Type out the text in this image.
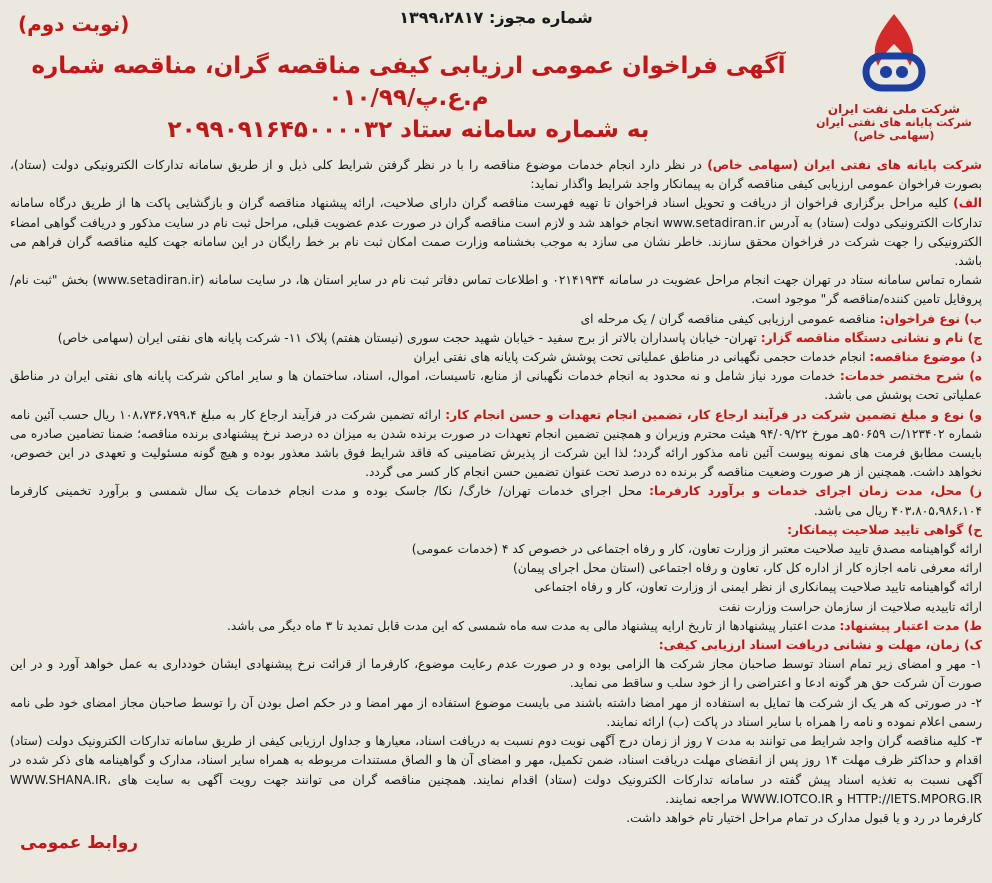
شماره مجوز: ۱۳۹۹،۲۸۱۷
(نوبت دوم)
شرکت ملی نفت ایران
شرکت پایانه های نفتی ایران (سهامی خاص)
آگهی فراخوان عمومی ارزیابی کیفی مناقصه گران، مناقصه شماره م.ع.پ/۰۱۰/۹۹
به شماره سامانه ستاد ۲۰۹۹۰۹۱۶۴۵۰۰۰۰۳۲

شرکت پایانه های نفتی ایران (سهامی خاص) در نظر دارد انجام خدمات موضوع مناقصه را با در نظر گرفتن شرایط کلی ذیل و از طریق سامانه تدارکات الکترونیکی دولت (ستاد)، بصورت فراخوان عمومی ارزیابی کیفی مناقصه گران به پیمانکار واجد شرایط واگذار نماید:

الف) کلیه مراحل برگزاری فراخوان از دریافت و تحویل اسناد فراخوان تا تهیه فهرست مناقصه گران دارای صلاحیت، ارائه پیشنهاد مناقصه گران و بازگشایی پاکت ها از طریق درگاه سامانه تدارکات الکترونیکی دولت (ستاد) به آدرس www.setadiran.ir انجام خواهد شد و لازم است مناقصه گران در صورت عدم عضویت قبلی، مراحل ثبت نام در سایت مذکور و دریافت گواهی امضاء الکترونیکی را جهت شرکت در فراخوان محقق سازند. خاطر نشان می سازد به موجب بخشنامه وزارت صمت امکان ثبت نام بر خط رایگان در این سامانه جهت کلیه مناقصه گران فراهم می باشد.

شماره تماس سامانه ستاد در تهران جهت انجام مراحل عضویت در سامانه ۰۲۱۴۱۹۳۴ و اطلاعات تماس دفاتر ثبت نام در سایر استان ها، در سایت سامانه (www.setadiran.ir) بخش "ثبت نام/ پروفایل تامین کننده/مناقصه گر" موجود است.

ب) نوع فراخوان: مناقصه عمومی ارزیابی کیفی مناقصه گران / یک مرحله ای

ج) نام و نشانی دستگاه مناقصه گزار: تهران- خیابان پاسداران بالاتر از برج سفید - خیابان شهید حجت سوری (نیستان هفتم) پلاک ۱۱- شرکت پایانه های نفتی ایران (سهامی خاص)

د) موضوع مناقصه: انجام خدمات حجمی نگهبانی در مناطق عملیاتی تحت پوشش شرکت پایانه های نفتی ایران

ه) شرح مختصر خدمات: خدمات مورد نیاز شامل و نه محدود به انجام خدمات نگهبانی از منابع، تاسیسات، اموال، اسناد، ساختمان ها و سایر اماکن شرکت پایانه های نفتی ایران در مناطق عملیاتی تحت پوشش می باشد.

و) نوع و مبلغ تضمین شرکت در فرآیند ارجاع کار، تضمین انجام تعهدات و حسن انجام کار: ارائه تضمین شرکت در فرآیند ارجاع کار به مبلغ ۱۰۸،۷۳۶،۷۹۹،۴ ریال حسب آئین نامه شماره ۱۲۳۴۰۲/ت ۵۰۶۵۹هـ مورخ ۹۴/۰۹/۲۲ هیئت محترم وزیران و همچنین تضمین انجام تعهدات در صورت برنده شدن به میزان ده درصد نرخ پیشنهادی برنده مناقصه؛ ضمنا تضامین صادره می بایست مطابق فرمت های نمونه پیوست آئین نامه مذکور ارائه گردد؛ لذا این شرکت از پذیرش تضامینی که فاقد شرایط فوق باشد معذور بوده و هیچ گونه مسئولیت و تعهدی در این خصوص، نخواهد داشت. همچنین از هر صورت وضعیت مناقصه گر برنده ده درصد تحت عنوان تضمین حسن انجام کار کسر می گردد.

ز) محل، مدت زمان اجرای خدمات و برآورد کارفرما: محل اجرای خدمات تهران/ خارگ/ نکا/ جاسک بوده و مدت انجام خدمات یک سال شمسی و برآورد تخمینی کارفرما ۴۰۳،۸۰۵،۹۸۶،۱۰۴ ریال می باشد.

ح) گواهی تایید صلاحیت پیمانکار:

ارائه گواهینامه مصدق تایید صلاحیت معتبر از وزارت تعاون، کار و رفاه اجتماعی در خصوص کد ۴ (خدمات عمومی)

ارائه معرفی نامه اجازه کار از اداره کل کار، تعاون و رفاه اجتماعی (استان محل اجرای پیمان)

ارائه گواهینامه تایید صلاحیت پیمانکاری از نظر ایمنی از وزارت تعاون، کار و رفاه اجتماعی

ارائه تاییدیه صلاحیت از سازمان حراست وزارت نفت

ط) مدت اعتبار پیشنهاد: مدت اعتبار پیشنهادها از تاریخ ارایه پیشنهاد مالی به مدت سه ماه شمسی که این مدت قابل تمدید تا ۳ ماه دیگر می باشد.

ک) زمان، مهلت و نشانی دریافت اسناد ارزیابی کیفی:

۱- مهر و امضای زیر تمام اسناد توسط صاحبان مجاز شرکت ها الزامی بوده و در صورت عدم رعایت موضوع، کارفرما از قرائت نرخ پیشنهادی ایشان خودداری به عمل خواهد آورد و در این صورت آن شرکت حق هر گونه ادعا و اعتراضی را از خود سلب و ساقط می نماید.

۲- در صورتی که هر یک از شرکت ها تمایل به استفاده از مهر امضا داشته باشند می بایست موضوع استفاده از مهر امضا و در حکم اصل بودن آن را توسط صاحبان مجاز امضای خود طی نامه رسمی اعلام نموده و نامه را همراه با سایر اسناد در پاکت (ب) ارائه نمایند.

۳- کلیه مناقصه گران واجد شرایط می توانند به مدت ۷ روز از زمان درج آگهی نوبت دوم نسبت به دریافت اسناد، معیارها و جداول ارزیابی کیفی از طریق سامانه تدارکات الکترونیک دولت (ستاد) اقدام و حداکثر ظرف مهلت ۱۴ روز پس از انقضای مهلت دریافت اسناد، ضمن تکمیل، مهر و امضای آن ها و الصاق مستندات مربوطه به همراه سایر اسناد، مدارک و گواهینامه های ذکر شده در آگهی نسبت به تغذیه اسناد پیش گفته در سامانه تدارکات الکترونیک دولت (ستاد) اقدام نمایند. همچنین مناقصه گران می توانند جهت رویت آگهی به سایت های WWW.SHANA.IR، HTTP://IETS.MPORG.IR و WWW.IOTCO.IR مراجعه نمایند.

کارفرما در رد و یا قبول مدارک در تمام مراحل اختیار تام خواهد داشت.

روابط عمومی
